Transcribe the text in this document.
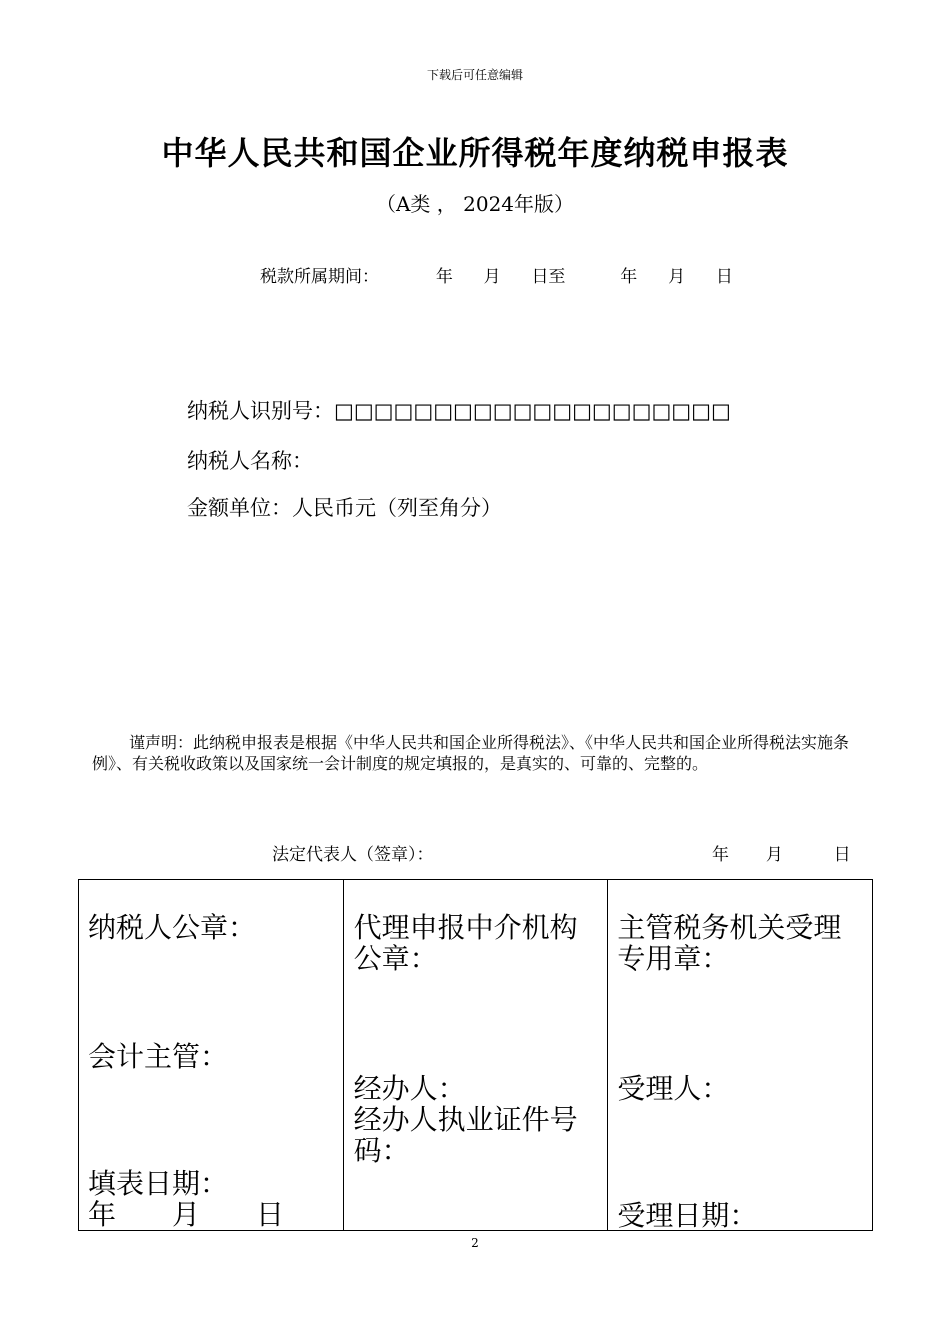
下载后可任意编辑
中华人民共和国企业所得税年度纳税申报表
（A类 ， 2024年版）
税款所属期间：	年 月 日至	年 月 日
纳税人识别号：□□□□□□□□□□□□□□□□□□□□
纳税人名称：
金额单位：人民币元（列至角分）
谨声明：此纳税申报表是根据《中华人民共和国企业所得税法》、《中华人民共和国企业所得税法实施条例》、有关税收政策以及国家统一会计制度的规定填报的，是真实的、可靠的、完整的。
法定代表人（签章）：	年 月	日
纳税人公章：
会计主管：
填表日期：
年　　月　　日

代理申报中介机构公章：
经办人：
经办人执业证件号码：

主管税务机关受理专用章：
受理人：
受理日期：
2
